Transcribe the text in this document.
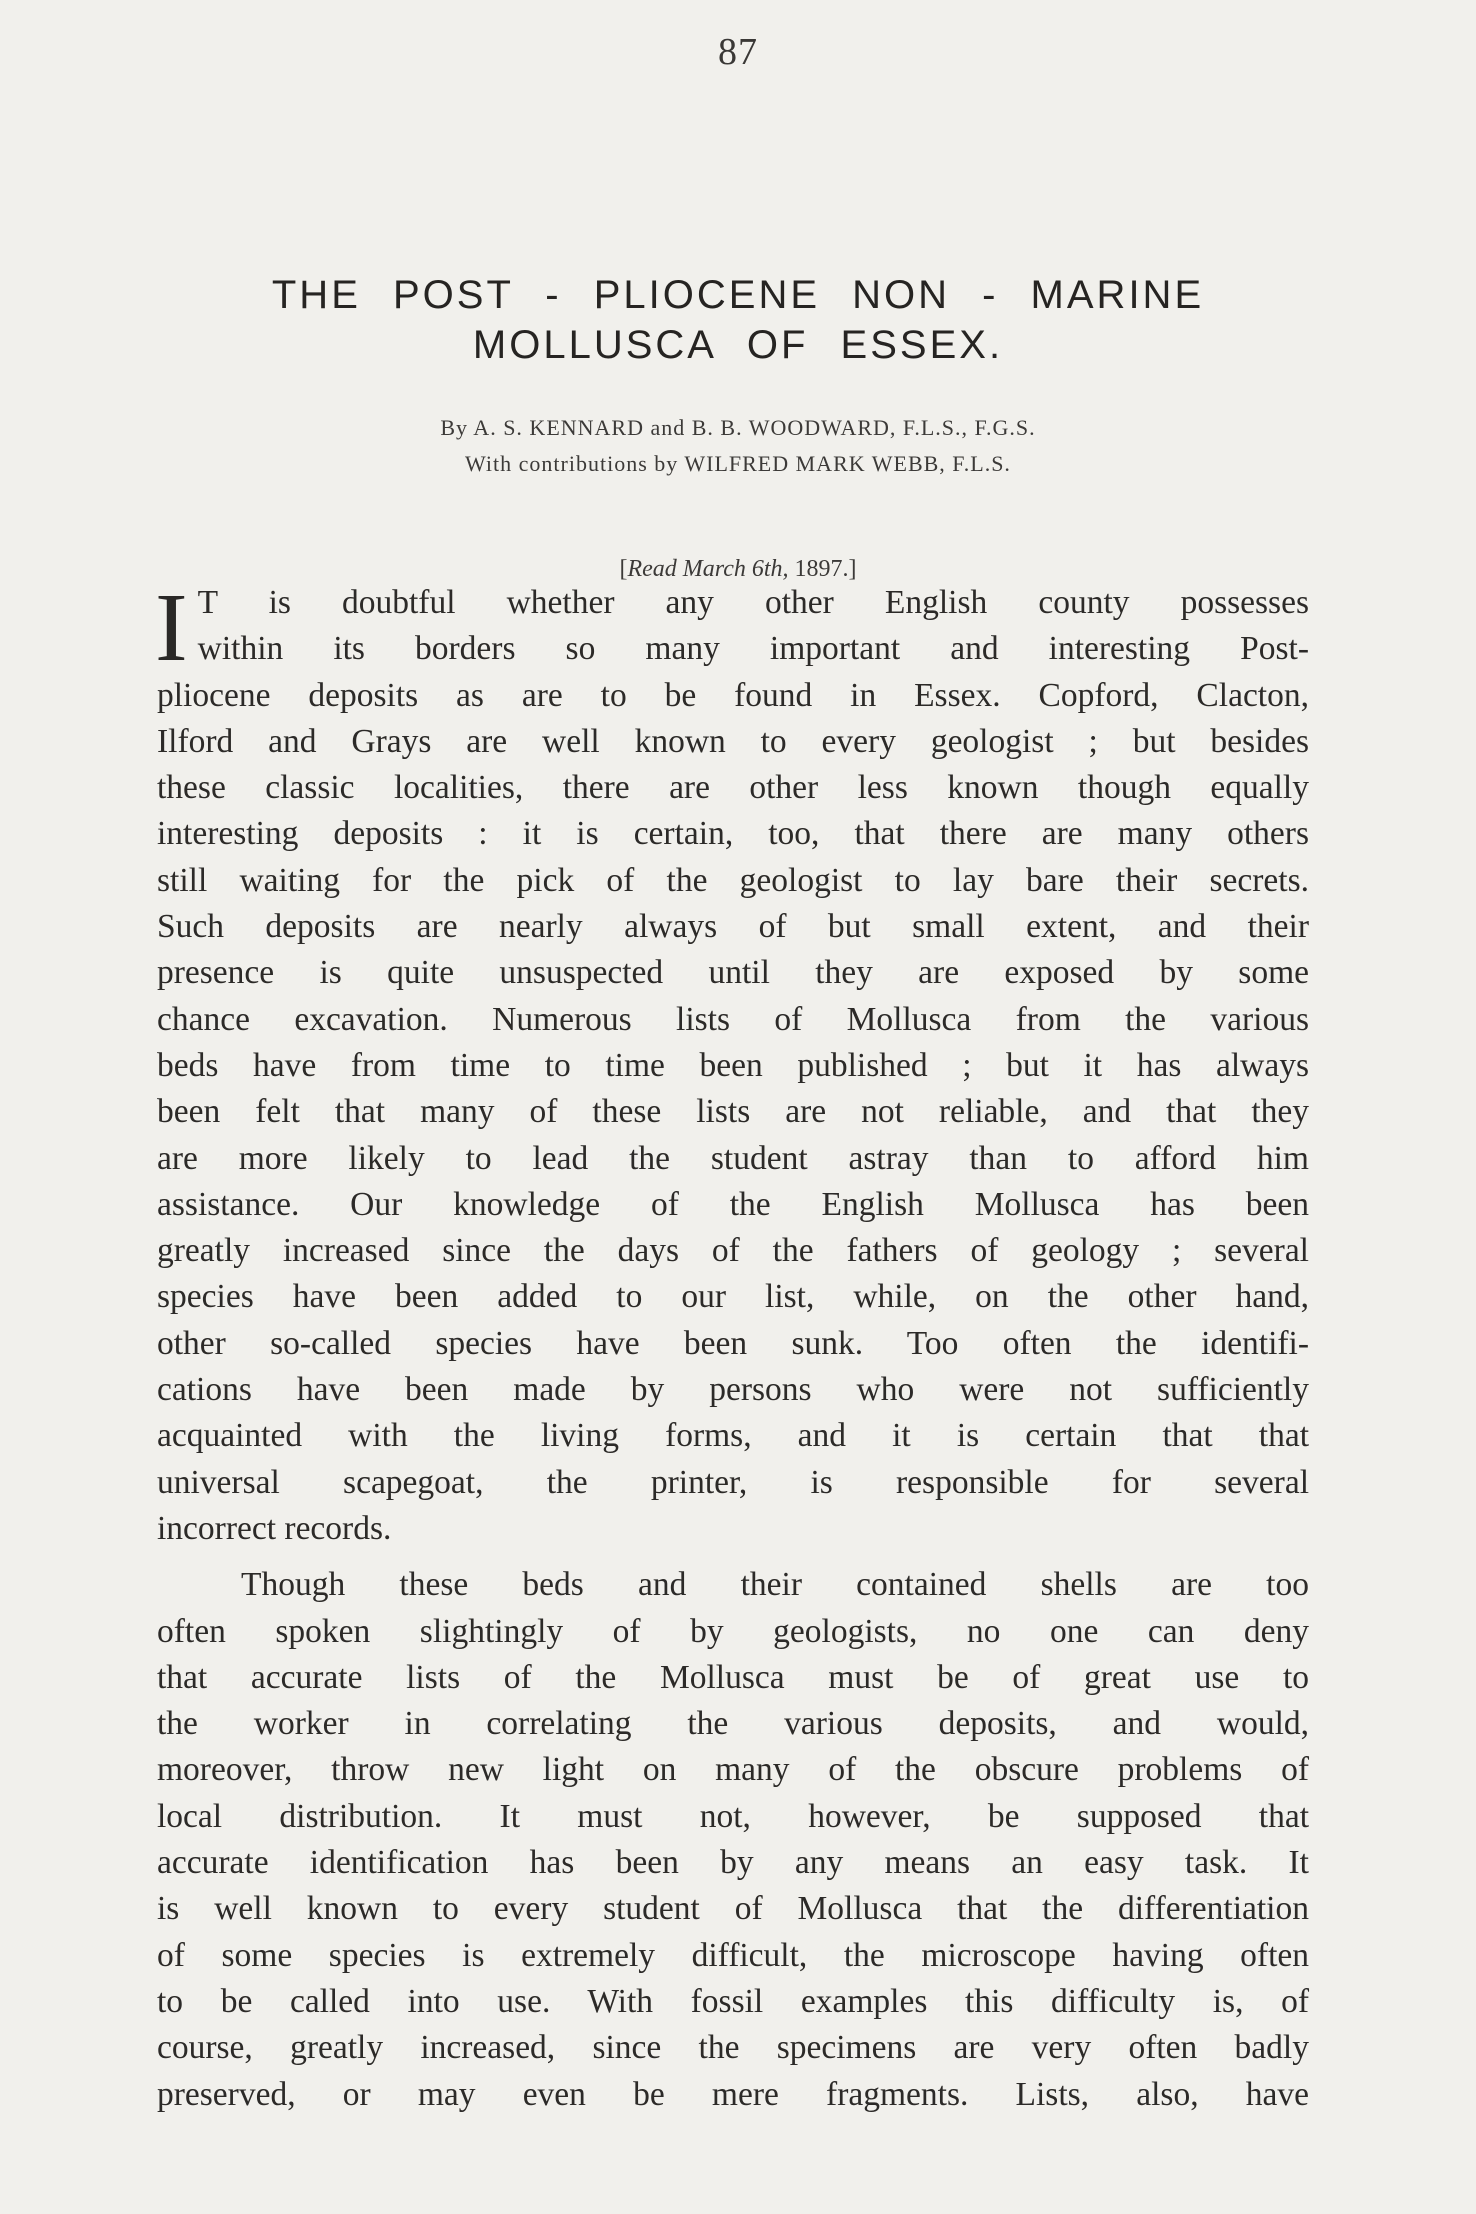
87
THE POST - PLIOCENE NON - MARINE
MOLLUSCA OF ESSEX.
By A. S. KENNARD and B. B. WOODWARD, F.L.S., F.G.S.
With contributions by WILFRED MARK WEBB, F.L.S.
[Read March 6th, 1897.]
I T is doubtful whether any other English county possesses
within its borders so many important and interesting Post-
pliocene deposits as are to be found in Essex. Copford, Clacton,
Ilford and Grays are well known to every geologist ; but besides
these classic localities, there are other less known though equally
interesting deposits : it is certain, too, that there are many others
still waiting for the pick of the geologist to lay bare their secrets.
Such deposits are nearly always of but small extent, and their
presence is quite unsuspected until they are exposed by some
chance excavation. Numerous lists of Mollusca from the various
beds have from time to time been published ; but it has always
been felt that many of these lists are not reliable, and that they
are more likely to lead the student astray than to afford him
assistance. Our knowledge of the English Mollusca has been
greatly increased since the days of the fathers of geology ; several
species have been added to our list, while, on the other hand,
other so-called species have been sunk. Too often the identifi-
cations have been made by persons who were not sufficiently
acquainted with the living forms, and it is certain that that
universal scapegoat, the printer, is responsible for several
incorrect records.
Though these beds and their contained shells are too
often spoken slightingly of by geologists, no one can deny
that accurate lists of the Mollusca must be of great use to
the worker in correlating the various deposits, and would,
moreover, throw new light on many of the obscure problems of
local distribution. It must not, however, be supposed that
accurate identification has been by any means an easy task. It
is well known to every student of Mollusca that the differentiation
of some species is extremely difficult, the microscope having often
to be called into use. With fossil examples this difficulty is, of
course, greatly increased, since the specimens are very often badly
preserved, or may even be mere fragments. Lists, also, have
